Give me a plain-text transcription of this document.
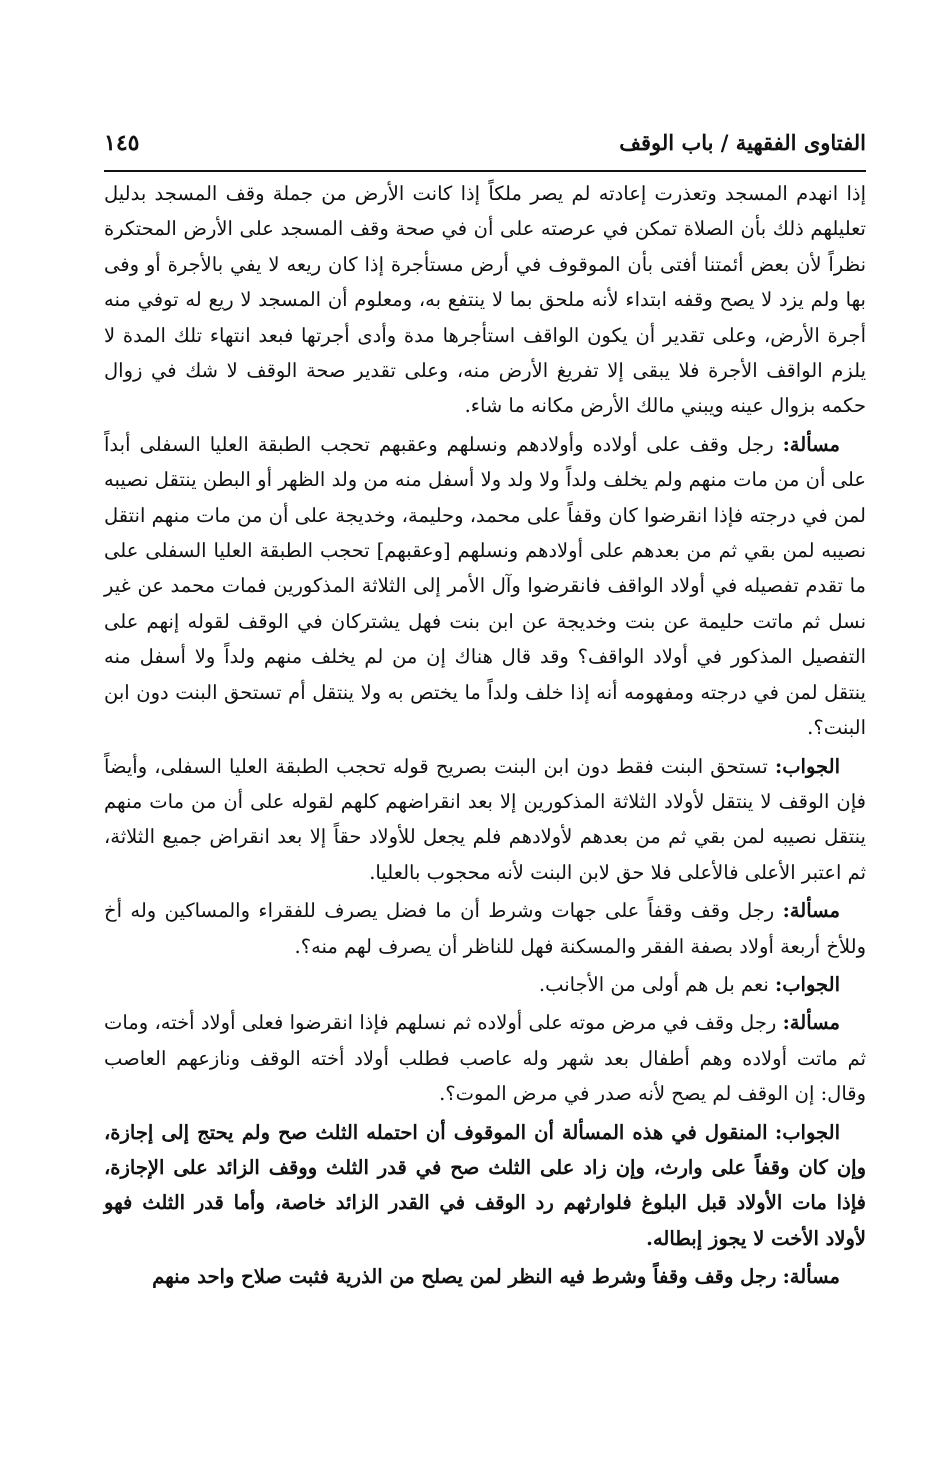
الفتاوى الفقهية / باب الوقف
١٤٥

إذا انهدم المسجد وتعذرت إعادته لم يصر ملكاً إذا كانت الأرض من جملة وقف المسجد بدليل تعليلهم ذلك بأن الصلاة تمكن في عرصته على أن في صحة وقف المسجد على الأرض المحتكرة نظراً لأن بعض أئمتنا أفتى بأن الموقوف في أرض مستأجرة إذا كان ريعه لا يفي بالأجرة أو وفى بها ولم يزد لا يصح وقفه ابتداء لأنه ملحق بما لا ينتفع به، ومعلوم أن المسجد لا ريع له توفي منه أجرة الأرض، وعلى تقدير أن يكون الواقف استأجرها مدة وأدى أجرتها فبعد انتهاء تلك المدة لا يلزم الواقف الأجرة فلا يبقى إلا تفريغ الأرض منه، وعلى تقدير صحة الوقف لا شك في زوال حكمه بزوال عينه ويبني مالك الأرض مكانه ما شاء.

مسألة: رجل وقف على أولاده وأولادهم ونسلهم وعقبهم تحجب الطبقة العليا السفلى أبداً على أن من مات منهم ولم يخلف ولداً ولا ولد ولا أسفل منه من ولد الظهر أو البطن ينتقل نصيبه لمن في درجته فإذا انقرضوا كان وقفاً على محمد، وحليمة، وخديجة على أن من مات منهم انتقل نصيبه لمن بقي ثم من بعدهم على أولادهم ونسلهم [وعقبهم] تحجب الطبقة العليا السفلى على ما تقدم تفصيله في أولاد الواقف فانقرضوا وآل الأمر إلى الثلاثة المذكورين فمات محمد عن غير نسل ثم ماتت حليمة عن بنت وخديجة عن ابن بنت فهل يشتركان في الوقف لقوله إنهم على التفصيل المذكور في أولاد الواقف؟ وقد قال هناك إن من لم يخلف منهم ولداً ولا أسفل منه ينتقل لمن في درجته ومفهومه أنه إذا خلف ولداً ما يختص به ولا ينتقل أم تستحق البنت دون ابن البنت؟.

الجواب: تستحق البنت فقط دون ابن البنت بصريح قوله تحجب الطبقة العليا السفلى، وأيضاً فإن الوقف لا ينتقل لأولاد الثلاثة المذكورين إلا بعد انقراضهم كلهم لقوله على أن من مات منهم ينتقل نصيبه لمن بقي ثم من بعدهم لأولادهم فلم يجعل للأولاد حقاً إلا بعد انقراض جميع الثلاثة، ثم اعتبر الأعلى فالأعلى فلا حق لابن البنت لأنه محجوب بالعليا.

مسألة: رجل وقف وقفاً على جهات وشرط أن ما فضل يصرف للفقراء والمساكين وله أخ وللأخ أربعة أولاد بصفة الفقر والمسكنة فهل للناظر أن يصرف لهم منه؟.

الجواب: نعم بل هم أولى من الأجانب.

مسألة: رجل وقف في مرض موته على أولاده ثم نسلهم فإذا انقرضوا فعلى أولاد أخته، ومات ثم ماتت أولاده وهم أطفال بعد شهر وله عاصب فطلب أولاد أخته الوقف ونازعهم العاصب وقال: إن الوقف لم يصح لأنه صدر في مرض الموت؟.

الجواب: المنقول في هذه المسألة أن الموقوف أن احتمله الثلث صح ولم يحتج إلى إجازة، وإن كان وقفاً على وارث، وإن زاد على الثلث صح في قدر الثلث ووقف الزائد على الإجازة، فإذا مات الأولاد قبل البلوغ فلوارثهم رد الوقف في القدر الزائد خاصة، وأما قدر الثلث فهو لأولاد الأخت لا يجوز إبطاله.

مسألة: رجل وقف وقفاً وشرط فيه النظر لمن يصلح من الذرية فثبت صلاح واحد منهم
